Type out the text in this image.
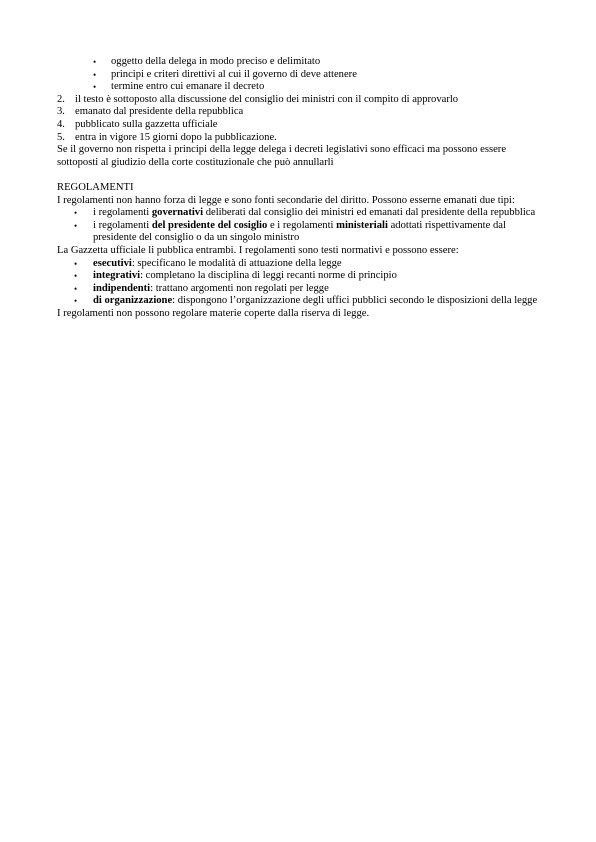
• oggetto della delega in modo preciso e delimitato
• principi e criteri direttivi al cui il governo di deve attenere
• termine entro cui emanare il decreto
2. il testo è sottoposto alla discussione del consiglio dei ministri con il compito di approvarlo
3. emanato dal presidente della repubblica
4. pubblicato sulla gazzetta ufficiale
5. entra in vigore 15 giorni dopo la pubblicazione.

Se il governo non rispetta i principi della legge delega i decreti legislativi sono efficaci ma possono essere sottoposti al giudizio della corte costituzionale che può annullarli

REGOLAMENTI

I regolamenti non hanno forza di legge e sono fonti secondarie del diritto. Possono esserne emanati due tipi:

• i regolamenti governativi deliberati dal consiglio dei ministri ed emanati dal presidente della repubblica
• i regolamenti del presidente del cosiglio e i regolamenti ministeriali adottati rispettivamente dal presidente del consiglio o da un singolo ministro

La Gazzetta ufficiale li pubblica entrambi. I regolamenti sono testi normativi e possono essere:

• esecutivi: specificano le modalità di attuazione della legge
• integrativi: completano la disciplina di leggi recanti norme di principio
• indipendenti: trattano argomenti non regolati per legge
• di organizzazione: dispongono l’organizzazione degli uffici pubblici secondo le disposizioni della legge

I regolamenti non possono regolare materie coperte dalla riserva di legge.
